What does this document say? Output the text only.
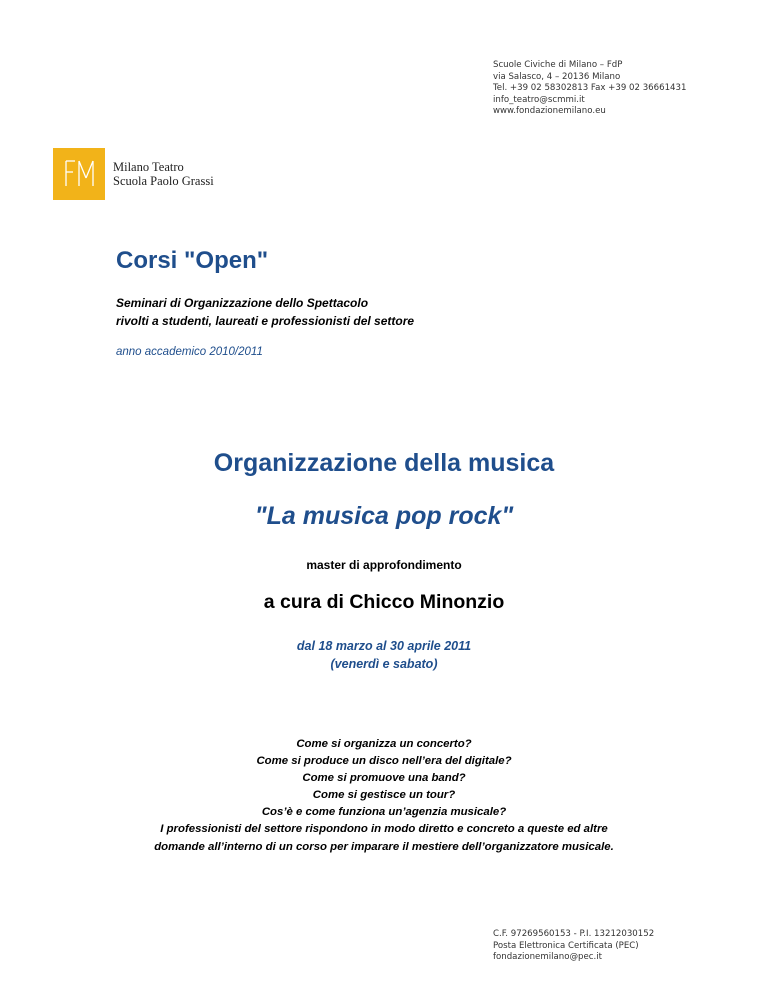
Scuole Civiche di Milano – FdP
via Salasco, 4 – 20136 Milano
Tel. +39 02 58302813 Fax +39 02 36661431
info_teatro@scmmi.it
www.fondazionemilano.eu
Milano Teatro
Scuola Paolo Grassi
Corsi "Open"
Seminari di Organizzazione dello Spettacolo
rivolti a studenti, laureati e professionisti del settore
anno accademico 2010/2011
Organizzazione della musica
"La musica pop rock"
master di approfondimento
a cura di Chicco Minonzio
dal 18 marzo al 30 aprile 2011
(venerdì e sabato)
Come si organizza un concerto?
Come si produce un disco nell’era del digitale?
Come si promuove una band?
Come si gestisce un tour?
Cos’è e come funziona un’agenzia musicale?
I professionisti del settore rispondono in modo diretto e concreto a queste ed altre
domande all’interno di un corso per imparare il mestiere dell’organizzatore musicale.
C.F. 97269560153 - P.I. 13212030152
Posta Elettronica Certificata (PEC)
fondazionemilano@pec.it
